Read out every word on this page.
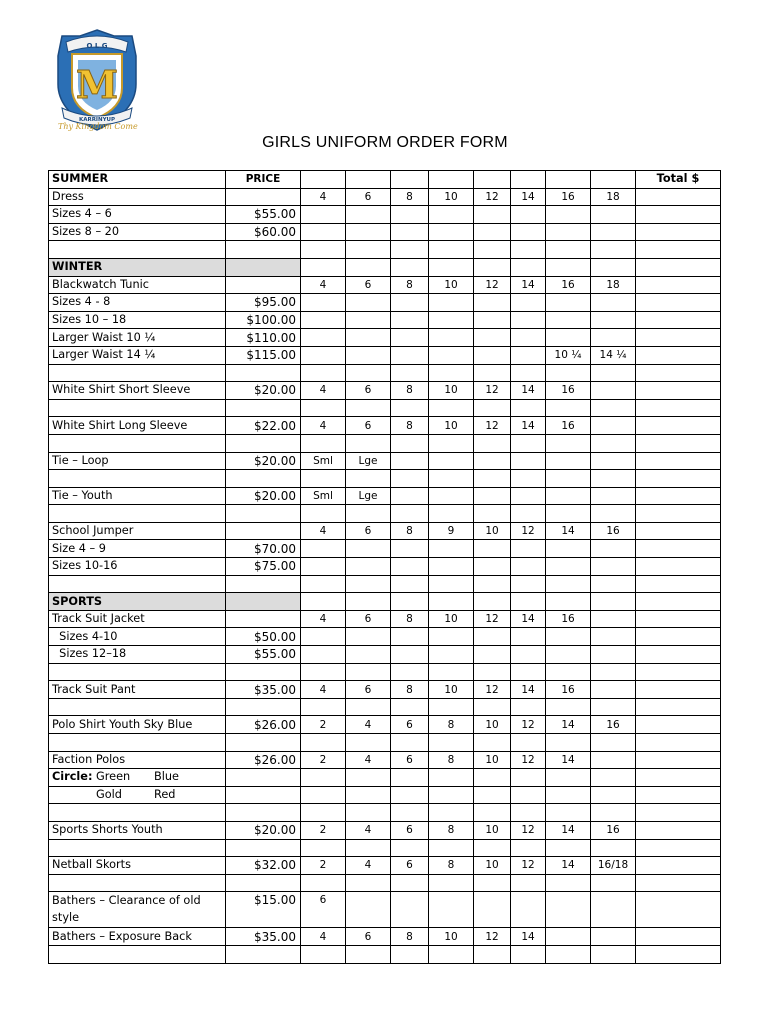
M
O L G
KARRINYUP
Thy Kingdom Come
GIRLS UNIFORM ORDER FORM
SUMMER	PRICE									Total $
Dress		4	6	8	10	12	14	16	18	
Sizes 4 – 6	$55.00									
Sizes 8 – 20	$60.00									

WINTER										
Blackwatch Tunic		4	6	8	10	12	14	16	18	
Sizes 4 - 8	$95.00									
Sizes 10 – 18	$100.00									
Larger Waist 10 ¼	$110.00									
Larger Waist 14 ¼	$115.00							10 ¼	14 ¼	

White Shirt Short Sleeve	$20.00	4	6	8	10	12	14	16		

White Shirt Long Sleeve	$22.00	4	6	8	10	12	14	16		

Tie – Loop	$20.00	Sml	Lge							

Tie – Youth	$20.00	Sml	Lge							

School Jumper		4	6	8	9	10	12	14	16	
Size 4 – 9	$70.00									
Sizes 10-16	$75.00									

SPORTS										
Track Suit Jacket		4	6	8	10	12	14	16		
Sizes 4-10	$50.00									
Sizes 12–18	$55.00									

Track Suit Pant	$35.00	4	6	8	10	12	14	16		

Polo Shirt Youth Sky Blue	$26.00	2	4	6	8	10	12	14	16	

Faction Polos	$26.00	2	4	6	8	10	12	14		
Circle: Green Blue										
Gold Red										

Sports Shorts Youth	$20.00	2	4	6	8	10	12	14	16	

Netball Skorts	$32.00	2	4	6	8	10	12	14	16/18	

Bathers – Clearance of old style	$15.00	6								
Bathers – Exposure Back	$35.00	4	6	8	10	12	14			
